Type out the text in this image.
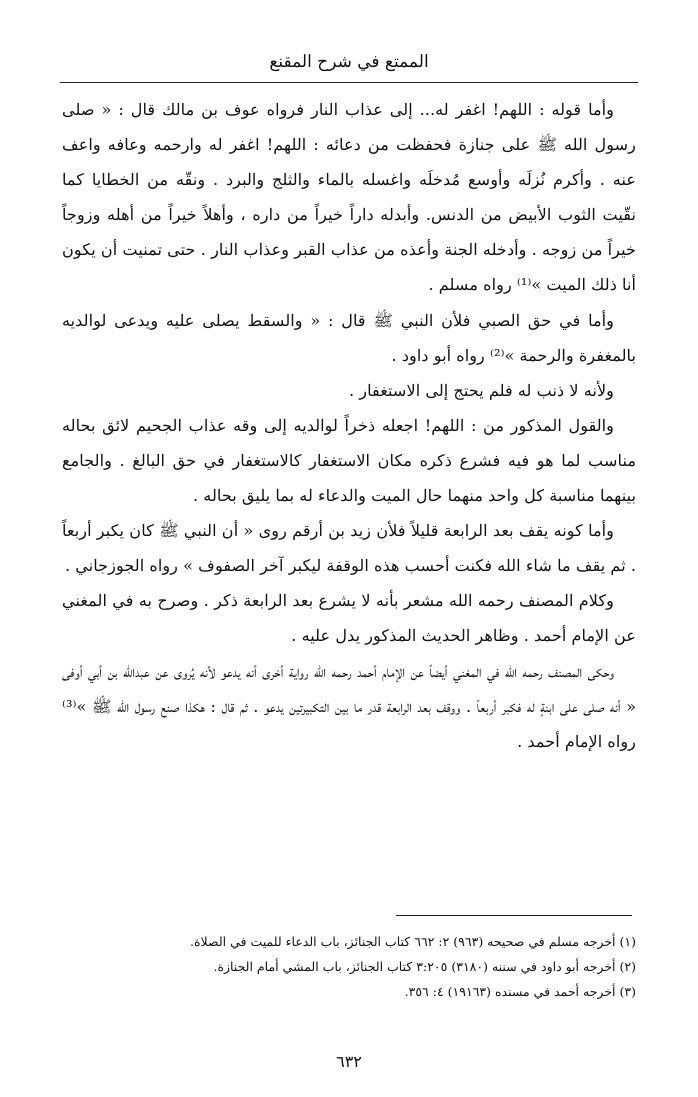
الممتع في شرح المقنع

وأما قوله : اللهم! اغفر له... إلى عذاب النار فرواه عوف بن مالك قال : « صلى رسول الله ﷺ على جنازة فحفظت من دعائه : اللهم! اغفر له وارحمه وعافه واعف عنه . وأكرم نُزلَه وأوسع مُدخلَه واغسله بالماء والثلج والبرد . ونقّه من الخطايا كما نقّيت الثوب الأبيض من الدنس. وأبدله داراً خيراً من داره ، وأهلاً خيراً من أهله وزوجاً خيراً من زوجه . وأدخله الجنة وأعذه من عذاب القبر وعذاب النار . حتى تمنيت أن يكون أنا ذلك الميت »⁽¹⁾ رواه مسلم .

وأما في حق الصبي فلأن النبي ﷺ قال : « والسقط يصلى عليه ويدعى لوالديه بالمغفرة والرحمة »⁽²⁾ رواه أبو داود .

ولأنه لا ذنب له فلم يحتج إلى الاستغفار .

والقول المذكور من : اللهم! اجعله ذخراً لوالديه إلى وقه عذاب الجحيم لائق بحاله مناسب لما هو فيه فشرع ذكره مكان الاستغفار كالاستغفار في حق البالغ . والجامع بينهما مناسبة كل واحد منهما حال الميت والدعاء له بما يليق بحاله .

وأما كونه يقف بعد الرابعة قليلاً فلأن زيد بن أرقم روى « أن النبي ﷺ كان يكبر أربعاً . ثم يقف ما شاء الله فكنت أحسب هذه الوقفة ليكبر آخر الصفوف » رواه الجوزجاني .

وكلام المصنف رحمه الله مشعر بأنه لا يشرع بعد الرابعة ذكر . وصرح به في المغني عن الإمام أحمد . وظاهر الحديث المذكور يدل عليه .

وحكى المصنف رحمه الله في المغني أيضاً عن الإمام أحمد رحمه الله رواية أخرى أنه يدعو لأنه يُروى عن عبدالله بن أبي أوفى « أنه صلى على ابنةٍ له فكبر أربعاً . ووقف بعد الرابعة قدر ما بين التكبيرتين يدعو . ثم قال : هكذا صنع رسول الله ﷺ »⁽³⁾ رواه الإمام أحمد .

(١) أخرجه مسلم في صحيحه (٩٦٣) ٢: ٦٦٢ كتاب الجنائز، باب الدعاء للميت في الصلاة.
(٢) أخرجه أبو داود في سننه (٣١٨٠) ٣:٢٠٥ كتاب الجنائز، باب المشي أمام الجنازة.
(٣) أخرجه أحمد في مسنده (١٩١٦٣) ٤: ٣٥٦.
٦٣٢
